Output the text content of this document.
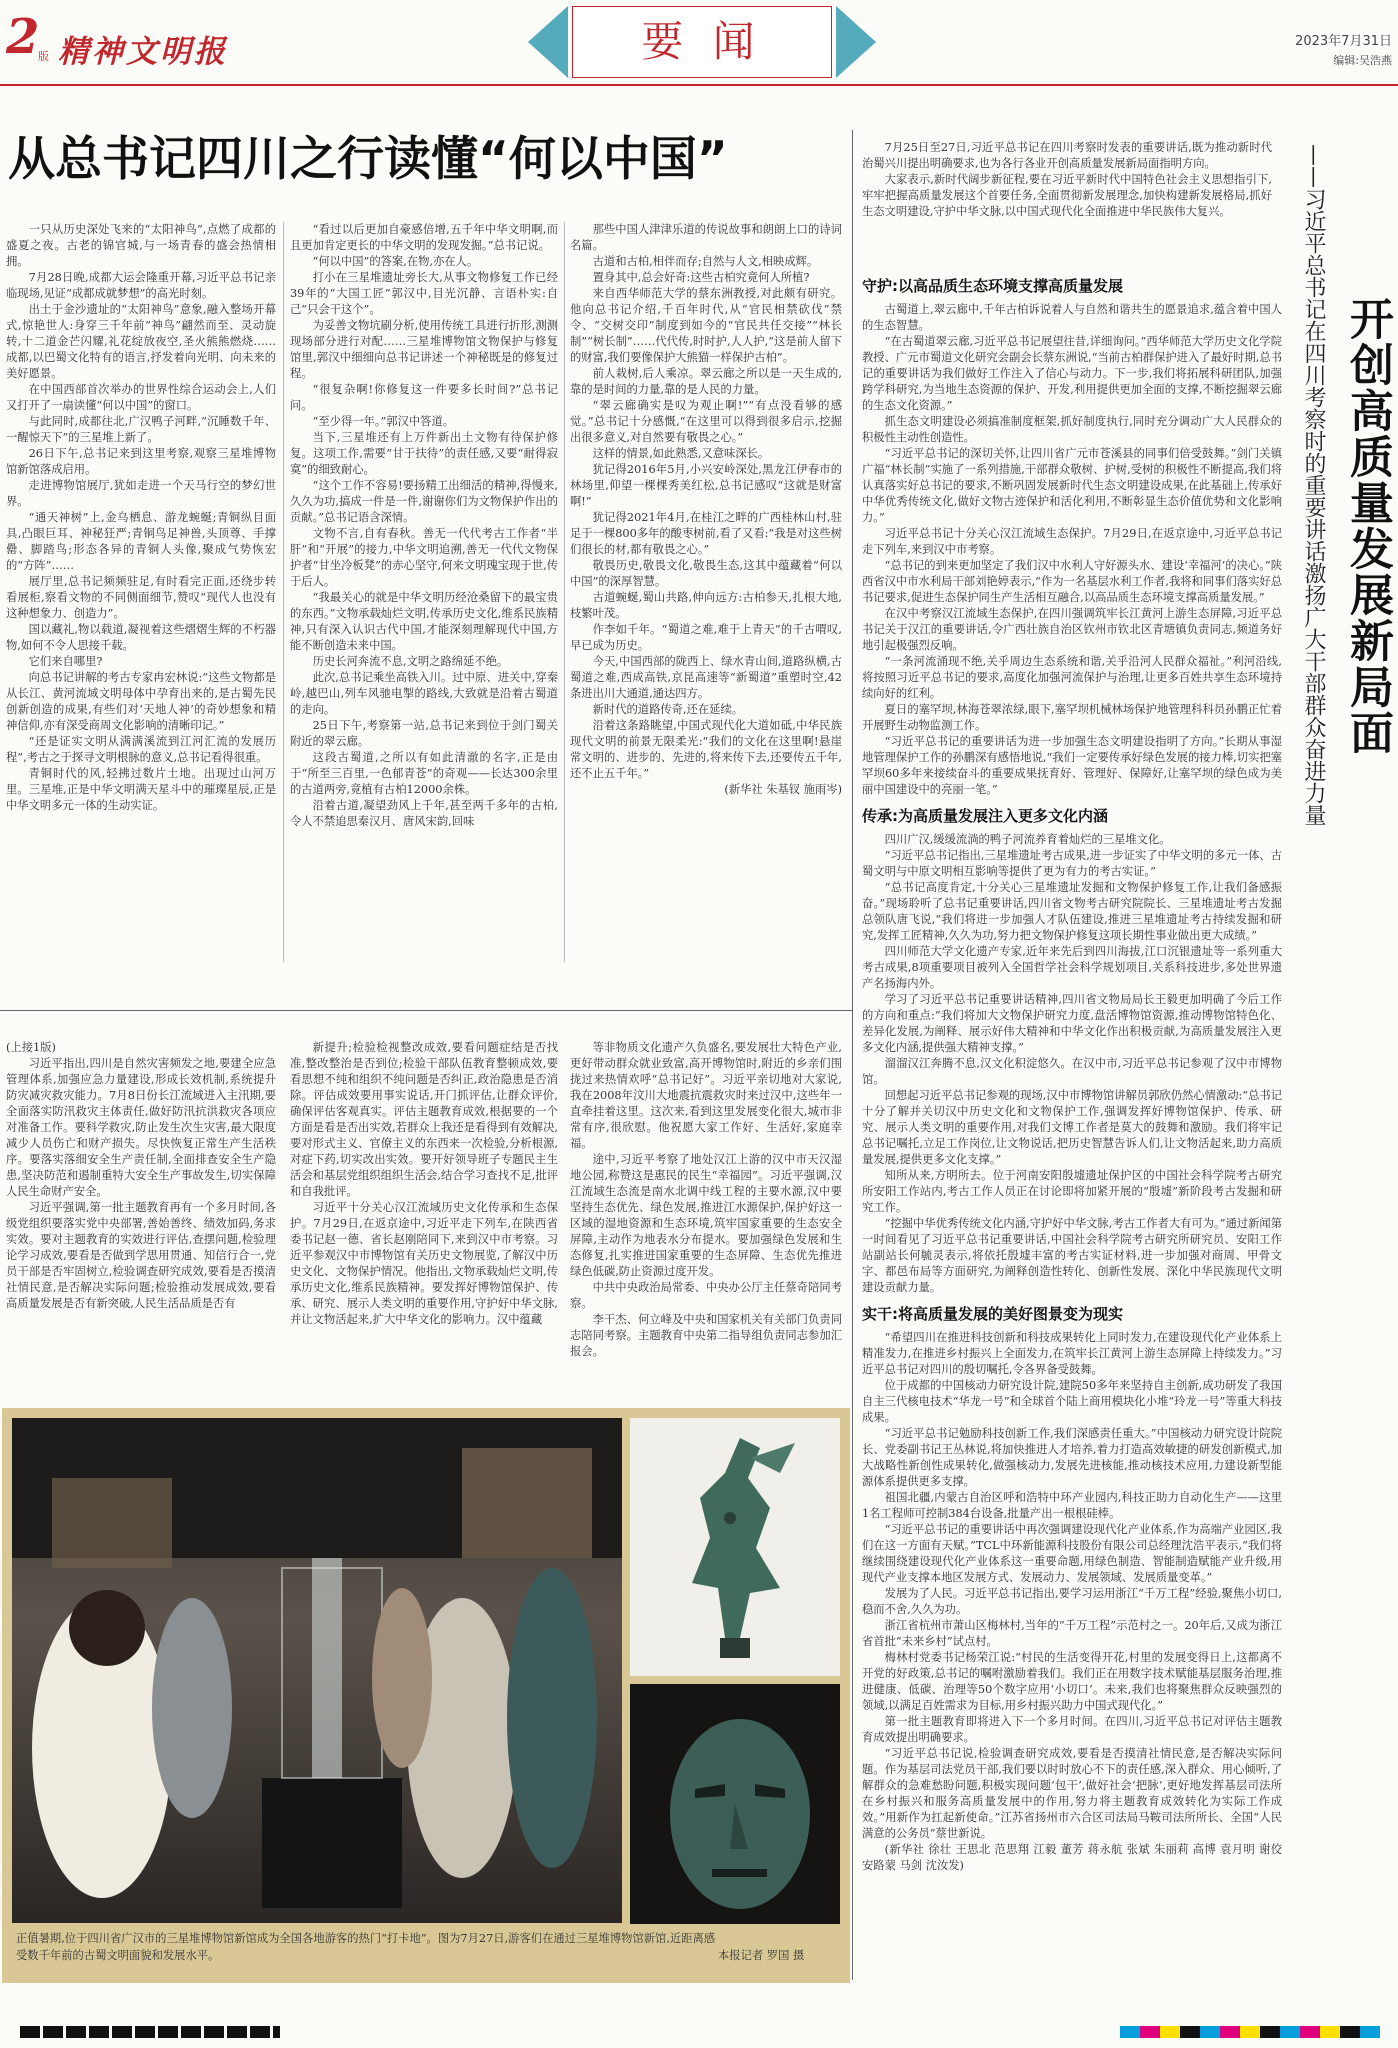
2
版 精神文明报	要 闻	2023年7月31日
编辑:吴浩燕
从总书记四川之行读懂“何以中国”

一只从历史深处飞来的“太阳神鸟”,点燃了成都的盛夏之夜。古老的锦官城,与一场青春的盛会热情相拥。

7月28日晚,成都大运会隆重开幕,习近平总书记亲临现场,见证“成都成就梦想”的高光时刻。

出土于金沙遗址的“太阳神鸟”意象,融入整场开幕式,惊艳世人:身穿三千年前“神鸟”翩然而至、灵动旋转,十二道金芒闪耀,礼花绽放夜空,圣火熊熊燃烧……成都,以巴蜀文化特有的语言,抒发着向光明、向未来的美好愿景。

在中国西部首次举办的世界性综合运动会上,人们又打开了一扇读懂“何以中国”的窗口。

与此同时,成都往北,广汉鸭子河畔,“沉睡数千年、一醒惊天下”的三星堆上新了。

26日下午,总书记来到这里考察,观察三星堆博物馆新馆落成启用。

走进博物馆展厅,犹如走进一个天马行空的梦幻世界。

“通天神树”上,金乌栖息、游龙蜿蜒;青铜纵目面具,凸眼巨耳、神秘狂严;青铜鸟足神兽,头顶尊、手撑罍、脚踏鸟;形态各异的青铜人头像,聚成气势恢宏的“方阵”……

展厅里,总书记频频驻足,有时看完正面,还绕步转看展柜,察看文物的不同侧面细节,赞叹“现代人也没有这种想象力、创造力”。

国以藏礼,物以载道,凝视着这些熠熠生辉的不朽器物,如何不令人思接千载。

它们来自哪里?

向总书记讲解的考古专家冉宏林说:“这些文物都是从长江、黄河流域文明母体中孕育出来的,是古蜀先民创新创造的成果,有些们对‘天地人神’的奇妙想象和精神信仰,亦有深受商周文化影响的清晰印记。”

“还是证实文明从满满溪流到江河汇流的发展历程”,考古之于探寻文明根脉的意义,总书记看得很重。

青铜时代的风,轻拂过数片土地。出现过山河万里。三星堆,正是中华文明满天星斗中的璀璨星辰,正是中华文明多元一体的生动实证。

“看过以后更加自豪感倍增,五千年中华文明啊,而且更加肯定更长的中华文明的发现发掘。”总书记说。

“何以中国”的答案,在物,亦在人。

打小在三星堆遗址旁长大,从事文物修复工作已经39年的“大国工匠”郭汉中,目光沉静、言语朴实:自己“只会干这个”。

为妥善文物坑刷分析,使用传统工具进行折形,测测现场部分进行对配……三星堆博物馆文物保护与修复馆里,郭汉中细细向总书记讲述一个神秘既是的修复过程。

“很复杂啊!你修复这一件要多长时间?”总书记问。

“至少得一年。”郭汉中答道。

当下,三星堆还有上万件新出土文物有待保护修复。这项工作,需要“甘于扶待”的责任感,又要“耐得寂寞”的细致耐心。

“这个工作不容易!要扬精工出细活的精神,得慢来,久久为功,搞成一件是一件,谢谢你们为文物保护作出的贡献。”总书记语含深情。

文物不言,自有春秋。善无一代代考古工作者“半肝”和“开展”的接力,中华文明追溯,善无一代代文物保护者“甘坐冷板凳”的赤心坚守,何来文明瑰宝现于世,传于后人。

“我最关心的就是中华文明历经沧桑留下的最宝贵的东西。”文物承载灿烂文明,传承历史文化,维系民族精神,只有深入认识古代中国,才能深刻理解现代中国,方能不断创造未来中国。

历史长河奔流不息,文明之路绵延不绝。

此次,总书记乘坐高铁入川。过中原、进关中,穿秦岭,越巴山,列车风驰电掣的路线,大致就是沿着古蜀道的走向。

25日下午,考察第一站,总书记来到位于剑门蜀关附近的翠云廊。

这段古蜀道,之所以有如此清澈的名字,正是由于“所至三百里,一色郁青苍”的奇观——长达300余里的古道两旁,竟植有古柏12000余株。

沿着古道,凝望劲风上千年,甚至两千多年的古柏,令人不禁追思秦汉月、唐风宋韵,回味

那些中国人津津乐道的传说故事和朗朗上口的诗词名篇。

古道和古柏,相伴而存;自然与人文,相映成辉。

置身其中,总会好奇:这些古柏究竟何人所植?

来自西华师范大学的蔡东洲教授,对此颇有研究。他向总书记介绍,千百年时代,从“官民相禁砍伐”禁令、“交树交印”制度到如今的“官民共任交接”“林长制”“树长制”……代代传,时时护,人人护,“这是前人留下的财富,我们要像保护大熊猫一样保护古柏”。

前人栽树,后人乘凉。翠云廊之所以是一天生成的,靠的是时间的力量,靠的是人民的力量。

“翠云廊确实是叹为观止啊!”“有点没看够的感觉。”总书记十分感慨,“在这里可以得到很多启示,挖掘出很多意义,对自然要有敬畏之心。”

这样的情景,如此熟悉,又意味深长。

犹记得2016年5月,小兴安岭深处,黑龙江伊春市的林场里,仰望一棵棵秀美红松,总书记感叹“这就是财富啊!”

犹记得2021年4月,在桂江之畔的广西桂林山村,驻足于一棵800多年的酸枣树前,看了又看:“我是对这些树们很长的材,都有敬畏之心。”

敬畏历史,敬畏文化,敬畏生态,这其中蕴藏着“何以中国”的深厚智慧。

古道蜿蜒,蜀山共路,伸向远方:古柏参天,扎根大地,枝繁叶茂。

作李如千年。“蜀道之难,难于上青天”的千古喟叹,早已成为历史。

今天,中国西部的陇西上、绿水青山间,道路纵横,古蜀道之难,西成高铁,京昆高速等“新蜀道”重塑时空,42条进出川大通道,通达四方。

新时代的道路传奇,还在延续。

沿着这条路眺望,中国式现代化大道如砥,中华民族现代文明的前景无限柔光:“我们的文化在这里啊!悬崖常文明的、进步的、先进的,将来传下去,还要传五千年,还不止五千年。”

(新华社 朱基钗 施雨岑)

7月25日至27日,习近平总书记在四川考察时发表的重要讲话,既为推动新时代治蜀兴川提出明确要求,也为各行各业开创高质量发展新局面指明方向。

大家表示,新时代阔步新征程,要在习近平新时代中国特色社会主义思想指引下,牢牢把握高质量发展这个首要任务,全面贯彻新发展理念,加快构建新发展格局,抓好生态文明建设,守护中华文脉,以中国式现代化全面推进中华民族伟大复兴。

开创高质量发展新局面
——习近平总书记在四川考察时的重要讲话激扬广大干部群众奋进力量
守护:以高品质生态环境支撑高质量发展

古蜀道上,翠云廊中,千年古柏诉说着人与自然和谐共生的愿景追求,蕴含着中国人的生态智慧。

“在古蜀道翠云廊,习近平总书记展望往昔,详细询问。”西华师范大学历史文化学院教授、广元市蜀道文化研究会副会长蔡东洲说,“当前古柏群保护进入了最好时期,总书记的重要讲话为我们做好工作注入了信心与动力。下一步,我们将拓展科研团队,加强跨学科研究,为当地生态资源的保护、开发,利用提供更加全面的支撑,不断挖掘翠云廊的生态文化资源。”

抓生态文明建设必须搞准制度框架,抓好制度执行,同时充分调动广大人民群众的积极性主动性创造性。

“习近平总书记的深切关怀,让四川省广元市苍溪县的同事们倍受鼓舞。”剑门关镇广福“林长制”实施了一系列措施,干部群众敬树、护树,受树的积极性不断提高,我们将认真落实好总书记的要求,不断巩固发展新时代生态文明建设成果,在此基础上,传承好中华优秀传统文化,做好文物古迹保护和活化利用,不断彰显生态价值优势和文化影响力。”

习近平总书记十分关心汉江流域生态保护。7月29日,在返京途中,习近平总书记走下列车,来到汉中市考察。

“总书记的到来更加坚定了我们汉中水利人守好源头水、建设‘幸福河’的决心。”陕西省汉中市水利局干部刘艳婷表示,“作为一名基层水利工作者,我将和同事们落实好总书记要求,促进生态保护同生产生活相互融合,以高品质生态环境支撑高质量发展。”

在汉中考察汉江流域生态保护,在四川强调筑牢长江黄河上游生态屏障,习近平总书记关于汉江的重要讲话,令广西壮族自治区钦州市钦北区青塘镇负责同志,频道务好地引起极强烈反响。

“一条河流涌现不绝,关乎周边生态系统和谐,关乎沿河人民群众福祉。”利河沿线,将按照习近平总书记的要求,高度化加强河流保护与治理,让更多百姓共享生态环境持续向好的红利。

夏日的塞罕坝,林海苍翠浓绿,眼下,塞罕坝机械林场保护地管理科科员孙鹏正忙着开展野生动物监测工作。

“习近平总书记的重要讲话为进一步加强生态文明建设指明了方向。”长期从事湿地管理保护工作的孙鹏深有感悟地说,“我们一定要传承好绿色发展的接力棒,切实把塞罕坝60多年来接续奋斗的重要成果抚育好、管理好、保障好,让塞罕坝的绿色成为美丽中国建设中的亮丽一笔。”

传承:为高质量发展注入更多文化内涵

四川广汉,缓缓流淌的鸭子河流养育着灿烂的三星堆文化。

“习近平总书记指出,三星堆遗址考古成果,进一步证实了中华文明的多元一体、古蜀文明与中原文明相互影响等提供了更为有力的考古实证。”

“总书记高度肯定,十分关心三星堆遗址发掘和文物保护修复工作,让我们备感振奋。”现场聆听了总书记重要讲话,四川省文物考古研究院院长、三星堆遗址考古发掘总领队唐飞说,“我们将进一步加强人才队伍建设,推进三星堆遗址考古持续发掘和研究,发挥工匠精神,久久为功,努力把文物保护修复这项长期性事业做出更大成绩。”

四川师范大学文化遗产专家,近年来先后到四川海拔,江口沉银遗址等一系列重大考古成果,8项重要项目被列入全国哲学社会科学规划项目,关系科技进步,多处世界遗产名扬海内外。

学习了习近平总书记重要讲话精神,四川省文物局局长王毅更加明确了今后工作的方向和重点:“我们将加大文物保护研究力度,盘活博物馆资源,推动博物馆特色化、差异化发展,为阐释、展示好伟大精神和中华文化作出积极贡献,为高质量发展注入更多文化内涵,提供强大精神支撑。”

溜溜汉江奔腾不息,汉文化积淀悠久。在汉中市,习近平总书记参观了汉中市博物馆。

回想起习近平总书记参观的现场,汉中市博物馆讲解员郭欣仍然心情激动:“总书记十分了解并关切汉中历史文化和文物保护工作,强调发挥好博物馆保护、传承、研究、展示人类文明的重要作用,对我们文博工作者是莫大的鼓舞和激励。我们将牢记总书记嘱托,立足工作岗位,让文物说话,把历史智慧告诉人们,让文物活起来,助力高质量发展,提供更多文化支撑。”

知所从来,方明所去。位于河南安阳殷墟遗址保护区的中国社会科学院考古研究所安阳工作站内,考古工作人员正在讨论即将加紧开展的“殷墟”新阶段考古发掘和研究工作。

“挖掘中华优秀传统文化内涵,守护好中华文脉,考古工作者大有可为。”通过新闻第一时间看见了习近平总书记重要讲话,中国社会科学院考古研究所研究员、安阳工作站副站长何毓灵表示,将依托殷墟丰富的考古实证材料,进一步加强对商周、甲骨文字、都邑布局等方面研究,为阐释创造性转化、创新性发展、深化中华民族现代文明建设贡献力量。

实干:将高质量发展的美好图景变为现实

“希望四川在推进科技创新和科技成果转化上同时发力,在建设现代化产业体系上精准发力,在推进乡村振兴上全面发力,在筑牢长江黄河上游生态屏障上持续发力。”习近平总书记对四川的殷切嘱托,令各界备受鼓舞。

位于成都的中国核动力研究设计院,建院50多年来坚持自主创新,成功研发了我国自主三代核电技术“华龙一号”和全球首个陆上商用模块化小堆“玲龙一号”等重大科技成果。

“习近平总书记勉励科技创新工作,我们深感责任重大。”中国核动力研究设计院院长、党委副书记王丛林说,将加快推进人才培养,着力打造高效敏捷的研发创新模式,加大战略性新创性成果转化,做强核动力,发展先进核能,推动核技术应用,力建设新型能源体系提供更多支撑。

祖国北疆,内蒙古自治区呼和浩特中环产业园内,科技正助力自动化生产——这里1名工程师可控制384台设备,批量产出一根根硅棒。

“习近平总书记的重要讲话中再次强调建设现代化产业体系,作为高端产业园区,我们在这一方面有天赋。”TCL中环新能源科技股份有限公司总经理沈浩平表示,“我们将继续围绕建设现代化产业体系这一重要命题,用绿色制造、智能制造赋能产业升级,用现代产业支撑本地区发展方式、发展动力、发展领域、发展质量变革。”

发展为了人民。习近平总书记指出,要学习运用浙江“千万工程”经验,聚焦小切口,稳而不舍,久久为功。

浙江省杭州市萧山区梅林村,当年的“千万工程”示范村之一。20年后,又成为浙江省首批“未来乡村”试点村。

梅林村党委书记杨荣江说:“村民的生活变得开花,村里的发展变得日上,这都离不开党的好政策,总书记的嘱咐激励着我们。我们正在用数字技术赋能基层服务治理,推进健康、低碳、治理等50个数字应用‘小切口’。未来,我们也将聚焦群众反映强烈的领域,以满足百姓需求为目标,用乡村振兴助力中国式现代化。”

第一批主题教育即将进入下一个多月时间。在四川,习近平总书记对评估主题教育成效提出明确要求。

“习近平总书记说,检验调查研究成效,要看是否摸清社情民意,是否解决实际问题。作为基层司法党员干部,我们要以时时放心不下的责任感,深入群众、用心倾听,了解群众的急难愁盼问题,积极实现问题‘包干’,做好社会‘把脉’,更好地发挥基层司法所在乡村振兴和服务高质量发展中的作用,努力将主题教育成效转化为实际工作成效。”用新作为扛起新使命。”江苏省扬州市六合区司法局马鞍司法所所长、全国“人民满意的公务员”蔡世新说。

(新华社 徐壮 王思北 范思翔 江毅 董芳 蒋永航 张斌 朱丽莉 高博 袁月明 谢佼 安路蒙 马剑 沈汝发)

(上接1版)

习近平指出,四川是自然灾害频发之地,要建全应急管理体系,加强应急力量建设,形成长效机制,系统提升防灾减灾救灾能力。7月8日份长江流域进入主汛期,要全面落实防汛救灾主体责任,做好防汛抗洪救灾各项应对准备工作。要科学救灾,防止发生次生灾害,最大限度减少人员伤亡和财产损失。尽快恢复正常生产生活秩序。要落实落细安全生产责任制,全面排查安全生产隐患,坚决防范和遏制重特大安全生产事故发生,切实保障人民生命财产安全。

习近平强调,第一批主题教育再有一个多月时间,各级党组织要落实党中央部署,善始善终、绩效加码,务求实效。要对主题教育的实效进行评估,查摆问题,检验理论学习成效,要看是否做到学思用贯通、知信行合一,党员干部是否牢固树立,检验调查研究成效,要看是否摸清社情民意,是否解决实际问题;检验推动发展成效,要看高质量发展是否有新突破,人民生活品质是否有

新提升;检验检视整改成效,要看问题症结是否找准,整改整治是否到位;检验干部队伍教育整顿成效,要看思想不纯和组织不纯问题是否纠正,政治隐患是否消除。评估成效要用事实说话,开门抓评估,让群众评价,确保评估客观真实。评估主题教育成效,根据要的一个方面是看是否出实效,若群众上我还是看得到有效解决,要对形式主义、官僚主义的东西来一次检验,分析根源,对症下药,切实改出实效。要开好领导班子专题民主生活会和基层党组织组织生活会,结合学习查找不足,批评和自我批评。

习近平十分关心汉江流域历史文化传承和生态保护。7月29日,在返京途中,习近平走下列车,在陕西省委书记赵一德、省长赵刚陪同下,来到汉中市考察。习近平参观汉中市博物馆有关历史文物展览,了解汉中历史文化、文物保护情况。他指出,文物承载灿烂文明,传承历史文化,维系民族精神。要发挥好博物馆保护、传承、研究、展示人类文明的重要作用,守护好中华文脉,并让文物活起来,扩大中华文化的影响力。汉中蕴藏

等非物质文化遗产久负盛名,要发展壮大特色产业,更好带动群众就业致富,高开博物馆时,附近的乡亲们围拢过来热情欢呼“总书记好”。习近平亲切地对大家说,我在2008年汶川大地震抗震救灾时来过汉中,这些年一直牵挂着这里。这次来,看到这里发展变化很大,城市非常有序,很欣慰。他祝愿大家工作好、生活好,家庭幸福。

途中,习近平考察了地处汉江上游的汉中市天汉湿地公园,称赞这是惠民的民生“幸福园”。习近平强调,汉江流域生态流是南水北调中线工程的主要水源,汉中要坚持生态优先、绿色发展,推进江水源保护,保护好这一区域的湿地资源和生态环境,筑牢国家重要的生态安全屏障,主动作为地表水分布提水。要加强绿色发展和生态修复,扎实推进国家重要的生态屏障、生态优先推进绿色低碳,防止资源过度开发。

中共中央政治局常委、中央办公厅主任蔡奇陪同考察。

李干杰、何立峰及中央和国家机关有关部门负责同志陪同考察。主题教育中央第二指导组负责同志参加汇报会。

正值暑期,位于四川省广汉市的三星堆博物馆新馆成为全国各地游客的热门“打卡地”。图为7月27日,游客们在通过三星堆博物馆新馆,近距离感受数千年前的古蜀文明面貌和发展水平。	本报记者 罗国 摄
